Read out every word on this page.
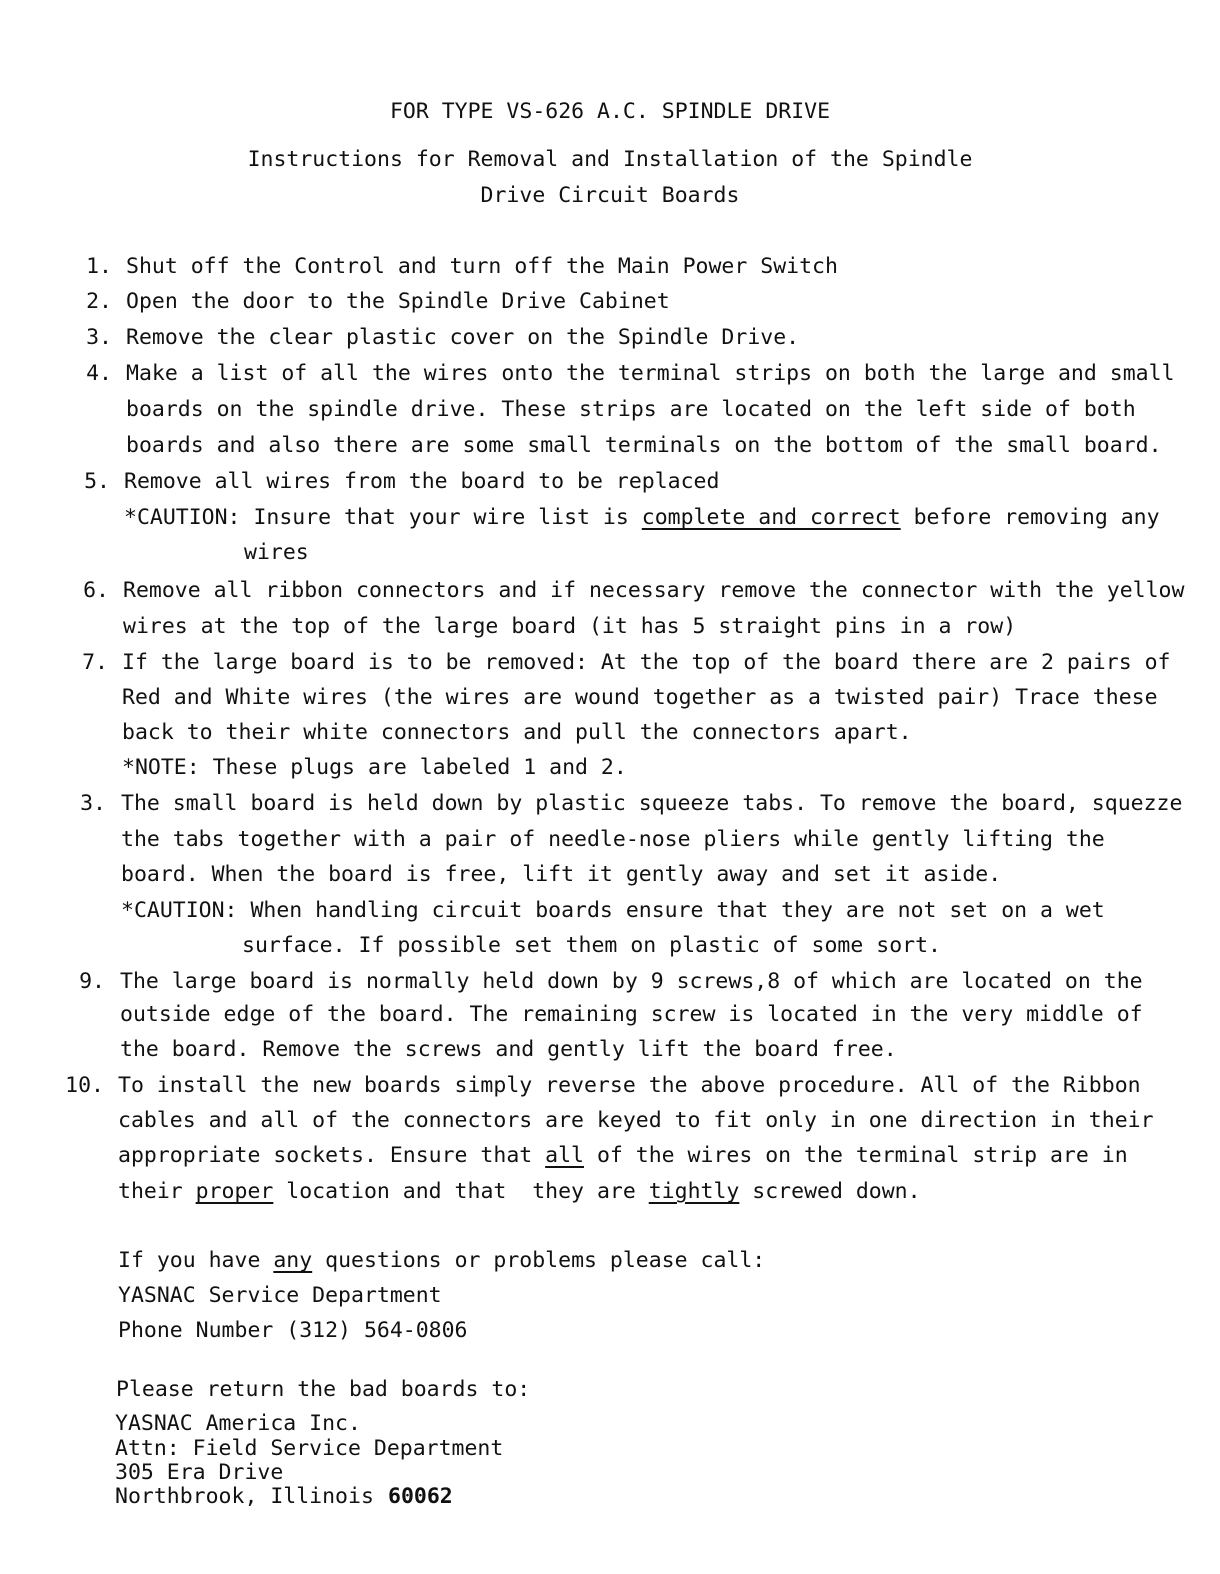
FOR TYPE VS-626 A.C. SPINDLE DRIVE
Instructions for Removal and Installation of the Spindle
Drive Circuit Boards
1. Shut off the Control and turn off the Main Power Switch
2. Open the door to the Spindle Drive Cabinet
3. Remove the clear plastic cover on the Spindle Drive.
4. Make a list of all the wires onto the terminal strips on both the large and small
boards on the spindle drive. These strips are located on the left side of both
boards and also there are some small terminals on the bottom of the small board.
5. Remove all wires from the board to be replaced
*CAUTION: Insure that your wire list is complete and correct before removing any
wires
6. Remove all ribbon connectors and if necessary remove the connector with the yellow
wires at the top of the large board (it has 5 straight pins in a row)
7. If the large board is to be removed: At the top of the board there are 2 pairs of
Red and White wires (the wires are wound together as a twisted pair) Trace these
back to their white connectors and pull the connectors apart.
*NOTE: These plugs are labeled 1 and 2.
3. The small board is held down by plastic squeeze tabs. To remove the board, squezze
the tabs together with a pair of needle-nose pliers while gently lifting the
board. When the board is free, lift it gently away and set it aside.
*CAUTION: When handling circuit boards ensure that they are not set on a wet
surface. If possible set them on plastic of some sort.
9. The large board is normally held down by 9 screws,8 of which are located on the
outside edge of the board. The remaining screw is located in the very middle of
the board. Remove the screws and gently lift the board free.
10. To install the new boards simply reverse the above procedure. All of the Ribbon
cables and all of the connectors are keyed to fit only in one direction in their
appropriate sockets. Ensure that all of the wires on the terminal strip are in
their proper location and that  they are tightly screwed down.
If you have any questions or problems please call:
YASNAC Service Department
Phone Number (312) 564-0806
Please return the bad boards to:
YASNAC America Inc.
Attn: Field Service Department
305 Era Drive
Northbrook, Illinois 60062
